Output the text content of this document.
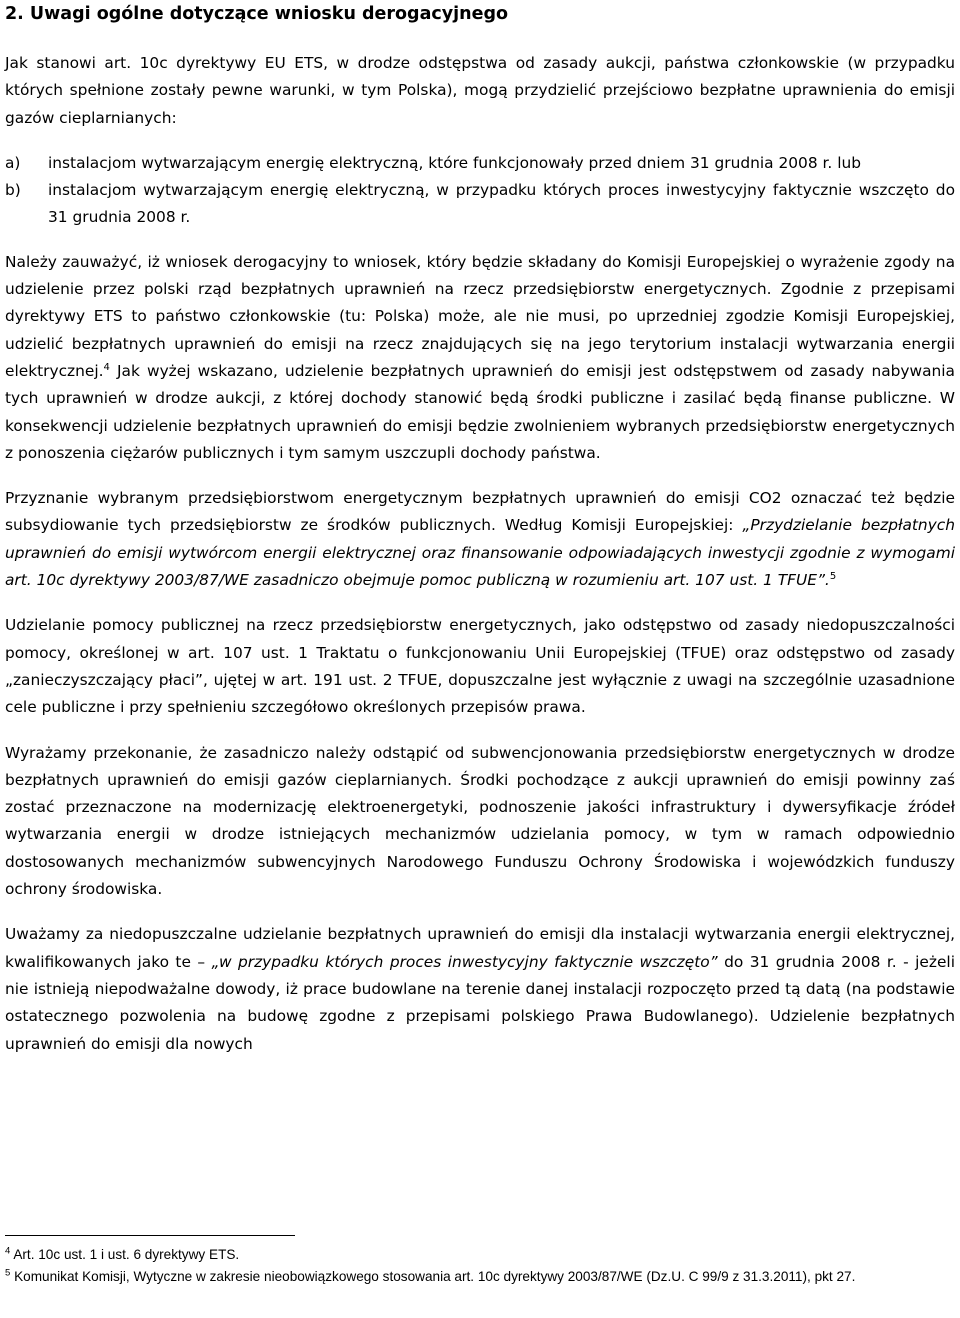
2. Uwagi ogólne dotyczące wniosku derogacyjnego

Jak stanowi art. 10c dyrektywy EU ETS, w drodze odstępstwa od zasady aukcji, państwa członkowskie (w przypadku których spełnione zostały pewne warunki, w tym Polska), mogą przydzielić przejściowo bezpłatne uprawnienia do emisji gazów cieplarnianych:

a) instalacjom wytwarzającym energię elektryczną, które funkcjonowały przed dniem 31 grudnia 2008 r. lub
b) instalacjom wytwarzającym energię elektryczną, w przypadku których proces inwestycyjny faktycznie wszczęto do 31 grudnia 2008 r.

Należy zauważyć, iż wniosek derogacyjny to wniosek, który będzie składany do Komisji Europejskiej o wyrażenie zgody na udzielenie przez polski rząd bezpłatnych uprawnień na rzecz przedsiębiorstw energetycznych. Zgodnie z przepisami dyrektywy ETS to państwo członkowskie (tu: Polska) może, ale nie musi, po uprzedniej zgodzie Komisji Europejskiej, udzielić bezpłatnych uprawnień do emisji na rzecz znajdujących się na jego terytorium instalacji wytwarzania energii elektrycznej.$^4$ Jak wyżej wskazano, udzielenie bezpłatnych uprawnień do emisji jest odstępstwem od zasady nabywania tych uprawnień w drodze aukcji, z której dochody stanowić będą środki publiczne i zasilać będą finanse publiczne. W konsekwencji udzielenie bezpłatnych uprawnień do emisji będzie zwolnieniem wybranych przedsiębiorstw energetycznych z ponoszenia ciężarów publicznych i tym samym uszczupli dochody państwa.

Przyznanie wybranym przedsiębiorstwom energetycznym bezpłatnych uprawnień do emisji CO2 oznaczać też będzie subsydiowanie tych przedsiębiorstw ze środków publicznych. Według Komisji Europejskiej: „Przydzielanie bezpłatnych uprawnień do emisji wytwórcom energii elektrycznej oraz finansowanie odpowiadających inwestycji zgodnie z wymogami art. 10c dyrektywy 2003/87/WE zasadniczo obejmuje pomoc publiczną w rozumieniu art. 107 ust. 1 TFUE”.$^5$

Udzielanie pomocy publicznej na rzecz przedsiębiorstw energetycznych, jako odstępstwo od zasady niedopuszczalności pomocy, określonej w art. 107 ust. 1 Traktatu o funkcjonowaniu Unii Europejskiej (TFUE) oraz odstępstwo od zasady „zanieczyszczający płaci”, ujętej w art. 191 ust. 2 TFUE, dopuszczalne jest wyłącznie z uwagi na szczególnie uzasadnione cele publiczne i przy spełnieniu szczegółowo określonych przepisów prawa.

Wyrażamy przekonanie, że zasadniczo należy odstąpić od subwencjonowania przedsiębiorstw energetycznych w drodze bezpłatnych uprawnień do emisji gazów cieplarnianych. Środki pochodzące z aukcji uprawnień do emisji powinny zaś zostać przeznaczone na modernizację elektroenergetyki, podnoszenie jakości infrastruktury i dywersyfikacje źródeł wytwarzania energii w drodze istniejących mechanizmów udzielania pomocy, w tym w ramach odpowiednio dostosowanych mechanizmów subwencyjnych Narodowego Funduszu Ochrony Środowiska i wojewódzkich funduszy ochrony środowiska.

Uważamy za niedopuszczalne udzielanie bezpłatnych uprawnień do emisji dla instalacji wytwarzania energii elektrycznej, kwalifikowanych jako te – „w przypadku których proces inwestycyjny faktycznie wszczęto” do 31 grudnia 2008 r. - jeżeli nie istnieją niepodważalne dowody, iż prace budowlane na terenie danej instalacji rozpoczęto przed tą datą (na podstawie ostatecznego pozwolenia na budowę zgodne z przepisami polskiego Prawa Budowlanego). Udzielenie bezpłatnych uprawnień do emisji dla nowych

$^4$ Art. 10c ust. 1 i ust. 6 dyrektywy ETS.
$^5$ Komunikat Komisji, Wytyczne w zakresie nieobowiązkowego stosowania art. 10c dyrektywy 2003/87/WE (Dz.U. C 99/9 z 31.3.2011), pkt 27.
